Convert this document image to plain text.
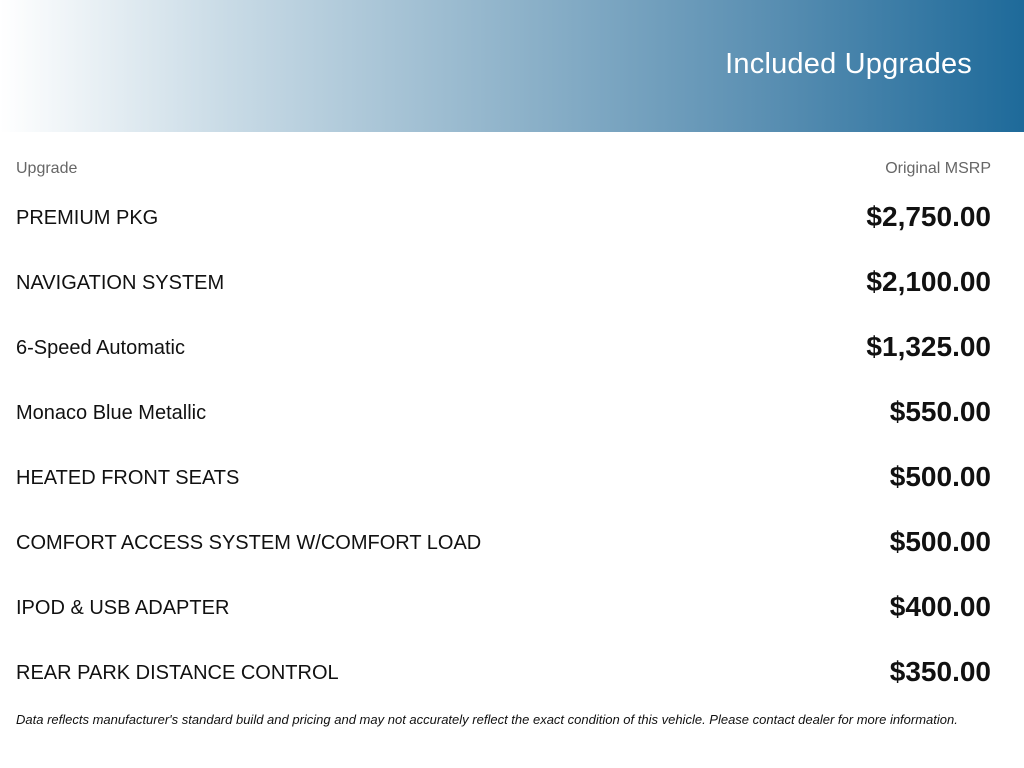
Included Upgrades
Upgrade	Original MSRP
PREMIUM PKG	$2,750.00
NAVIGATION SYSTEM	$2,100.00
6-Speed Automatic	$1,325.00
Monaco Blue Metallic	$550.00
HEATED FRONT SEATS	$500.00
COMFORT ACCESS SYSTEM W/COMFORT LOAD	$500.00
IPOD & USB ADAPTER	$400.00
REAR PARK DISTANCE CONTROL	$350.00
Data reflects manufacturer's standard build and pricing and may not accurately reflect the exact condition of this vehicle. Please contact dealer for more information.
